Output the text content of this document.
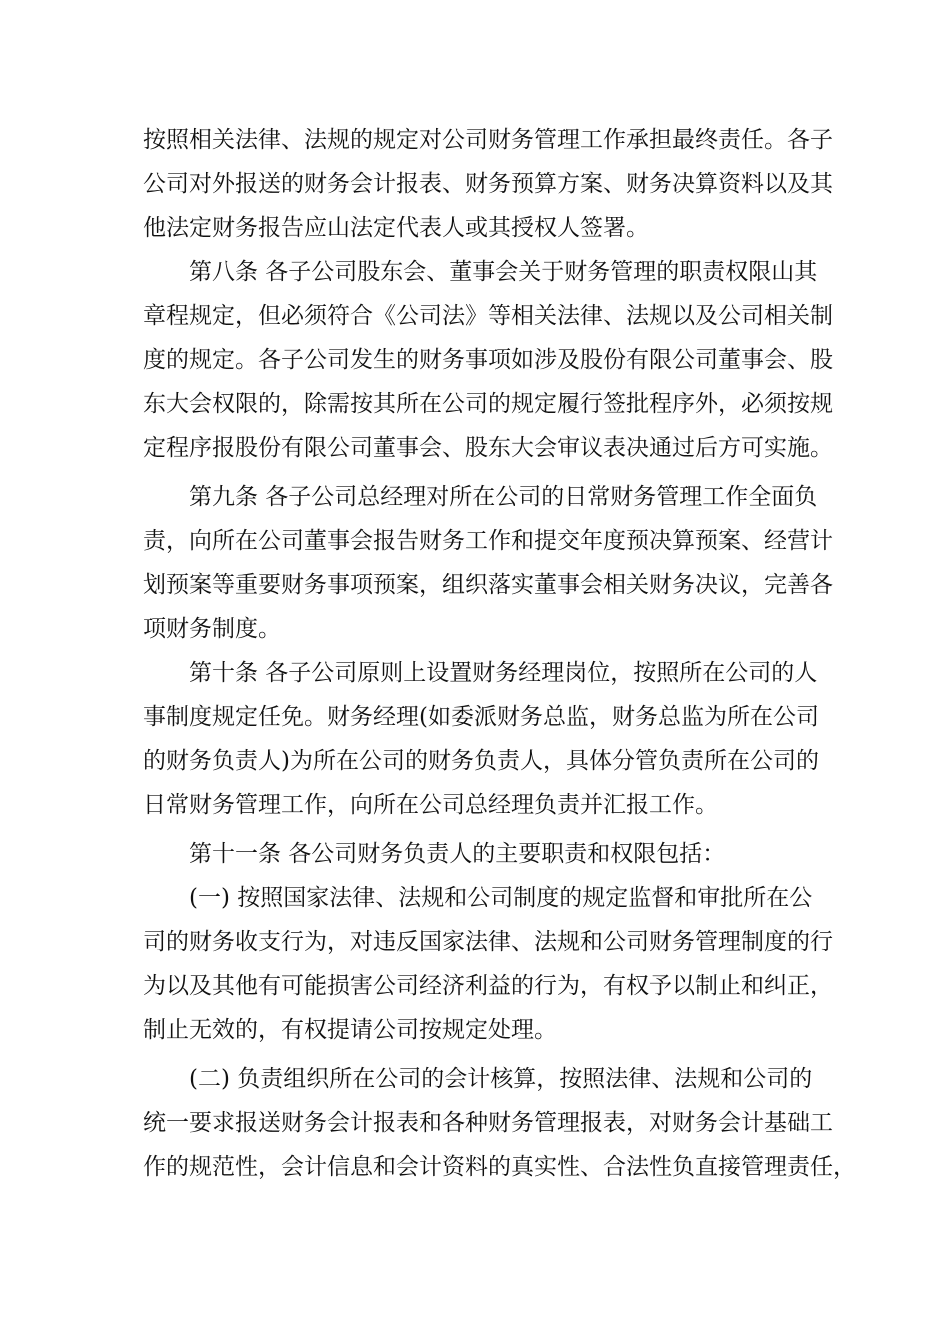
按照相关法律、法规的规定对公司财务管理工作承担最终责任。各子
公司对外报送的财务会计报表、财务预算方案、财务决算资料以及其
他法定财务报告应山法定代表人或其授权人签署。
第八条 各子公司股东会、董事会关于财务管理的职责权限山其
章程规定，但必须符合《公司法》等相关法律、法规以及公司相关制
度的规定。各子公司发生的财务事项如涉及股份有限公司董事会、股
东大会权限的，除需按其所在公司的规定履行签批程序外，必须按规
定程序报股份有限公司董事会、股东大会审议表决通过后方可实施。
第九条 各子公司总经理对所在公司的日常财务管理工作全面负
责，向所在公司董事会报告财务工作和提交年度预决算预案、经营计
划预案等重要财务事项预案，组织落实董事会相关财务决议，完善各
项财务制度。
第十条 各子公司原则上设置财务经理岗位，按照所在公司的人
事制度规定任免。财务经理(如委派财务总监，财务总监为所在公司
的财务负责人)为所在公司的财务负责人，具体分管负责所在公司的
日常财务管理工作，向所在公司总经理负责并汇报工作。
第十一条 各公司财务负责人的主要职责和权限包括：
(一) 按照国家法律、法规和公司制度的规定监督和审批所在公
司的财务收支行为，对违反国家法律、法规和公司财务管理制度的行
为以及其他有可能损害公司经济利益的行为，有权予以制止和纠正，
制止无效的，有权提请公司按规定处理。
(二) 负责组织所在公司的会计核算，按照法律、法规和公司的
统一要求报送财务会计报表和各种财务管理报表，对财务会计基础工
作的规范性，会计信息和会计资料的真实性、合法性负直接管理责任，
